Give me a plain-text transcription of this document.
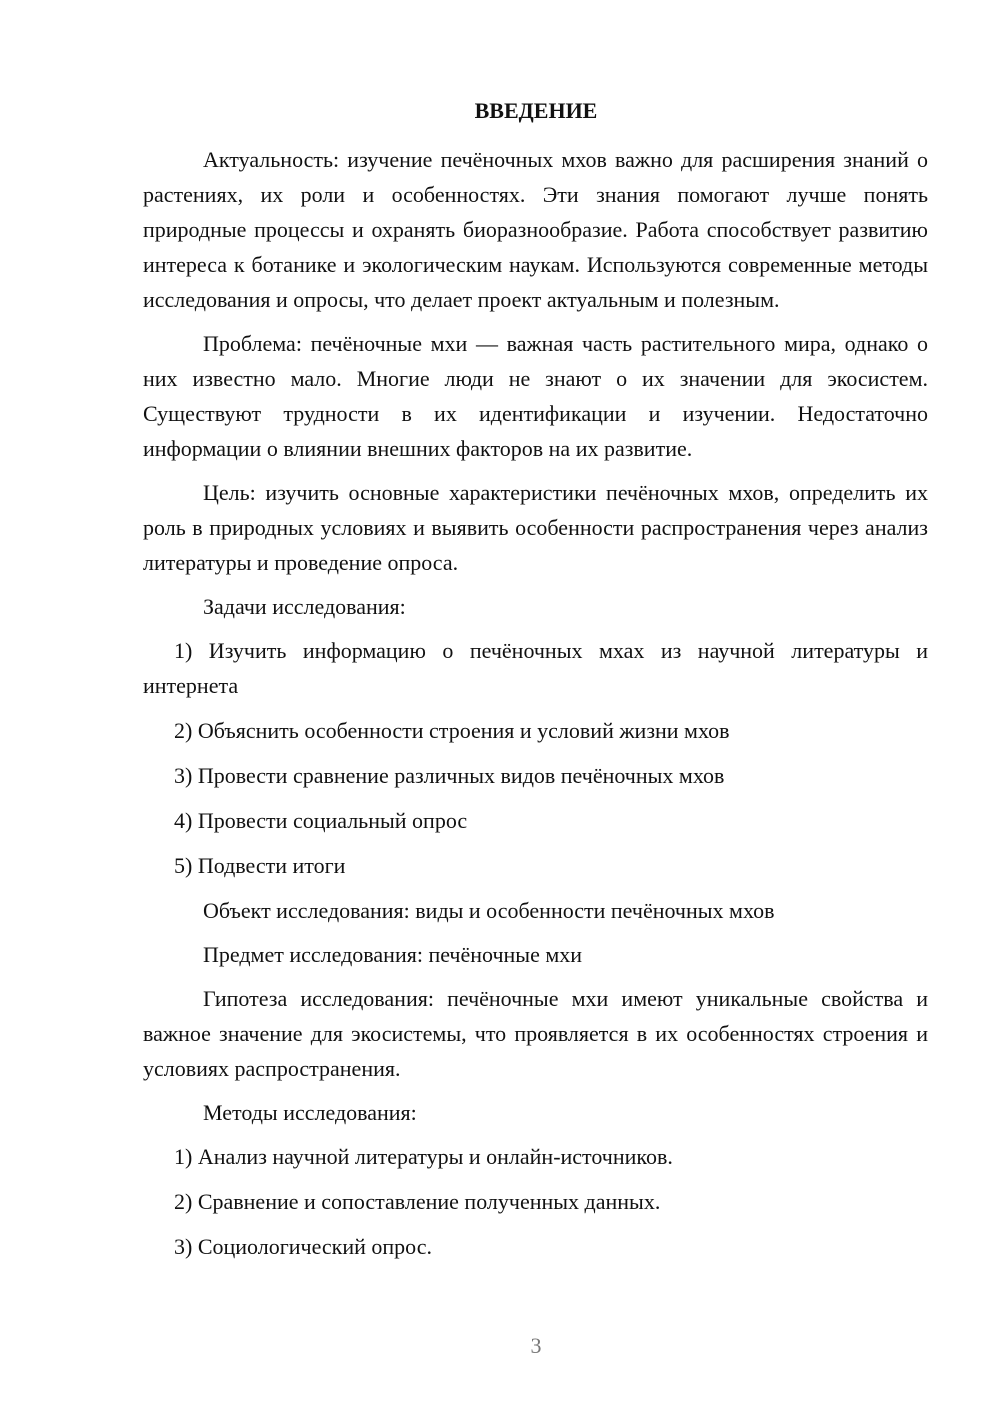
ВВЕДЕНИЕ

Актуальность: изучение печёночных мхов важно для расширения знаний о растениях, их роли и особенностях. Эти знания помогают лучше понять природные процессы и охранять биоразнообразие. Работа способствует развитию интереса к ботанике и экологическим наукам. Используются современные методы исследования и опросы, что делает проект актуальным и полезным.

Проблема: печёночные мхи — важная часть растительного мира, однако о них известно мало. Многие люди не знают о их значении для экосистем. Существуют трудности в их идентификации и изучении. Недостаточно информации о влиянии внешних факторов на их развитие.

Цель: изучить основные характеристики печёночных мхов, определить их роль в природных условиях и выявить особенности распространения через анализ литературы и проведение опроса.

Задачи исследования:

1) Изучить информацию о печёночных мхах из научной литературы и интернета

2) Объяснить особенности строения и условий жизни мхов

3) Провести сравнение различных видов печёночных мхов

4) Провести социальный опрос

5) Подвести итоги

Объект исследования: виды и особенности печёночных мхов

Предмет исследования: печёночные мхи

Гипотеза исследования: печёночные мхи имеют уникальные свойства и важное значение для экосистемы, что проявляется в их особенностях строения и условиях распространения.

Методы исследования:

1) Анализ научной литературы и онлайн-источников.

2) Сравнение и сопоставление полученных данных.

3) Социологический опрос.

3
